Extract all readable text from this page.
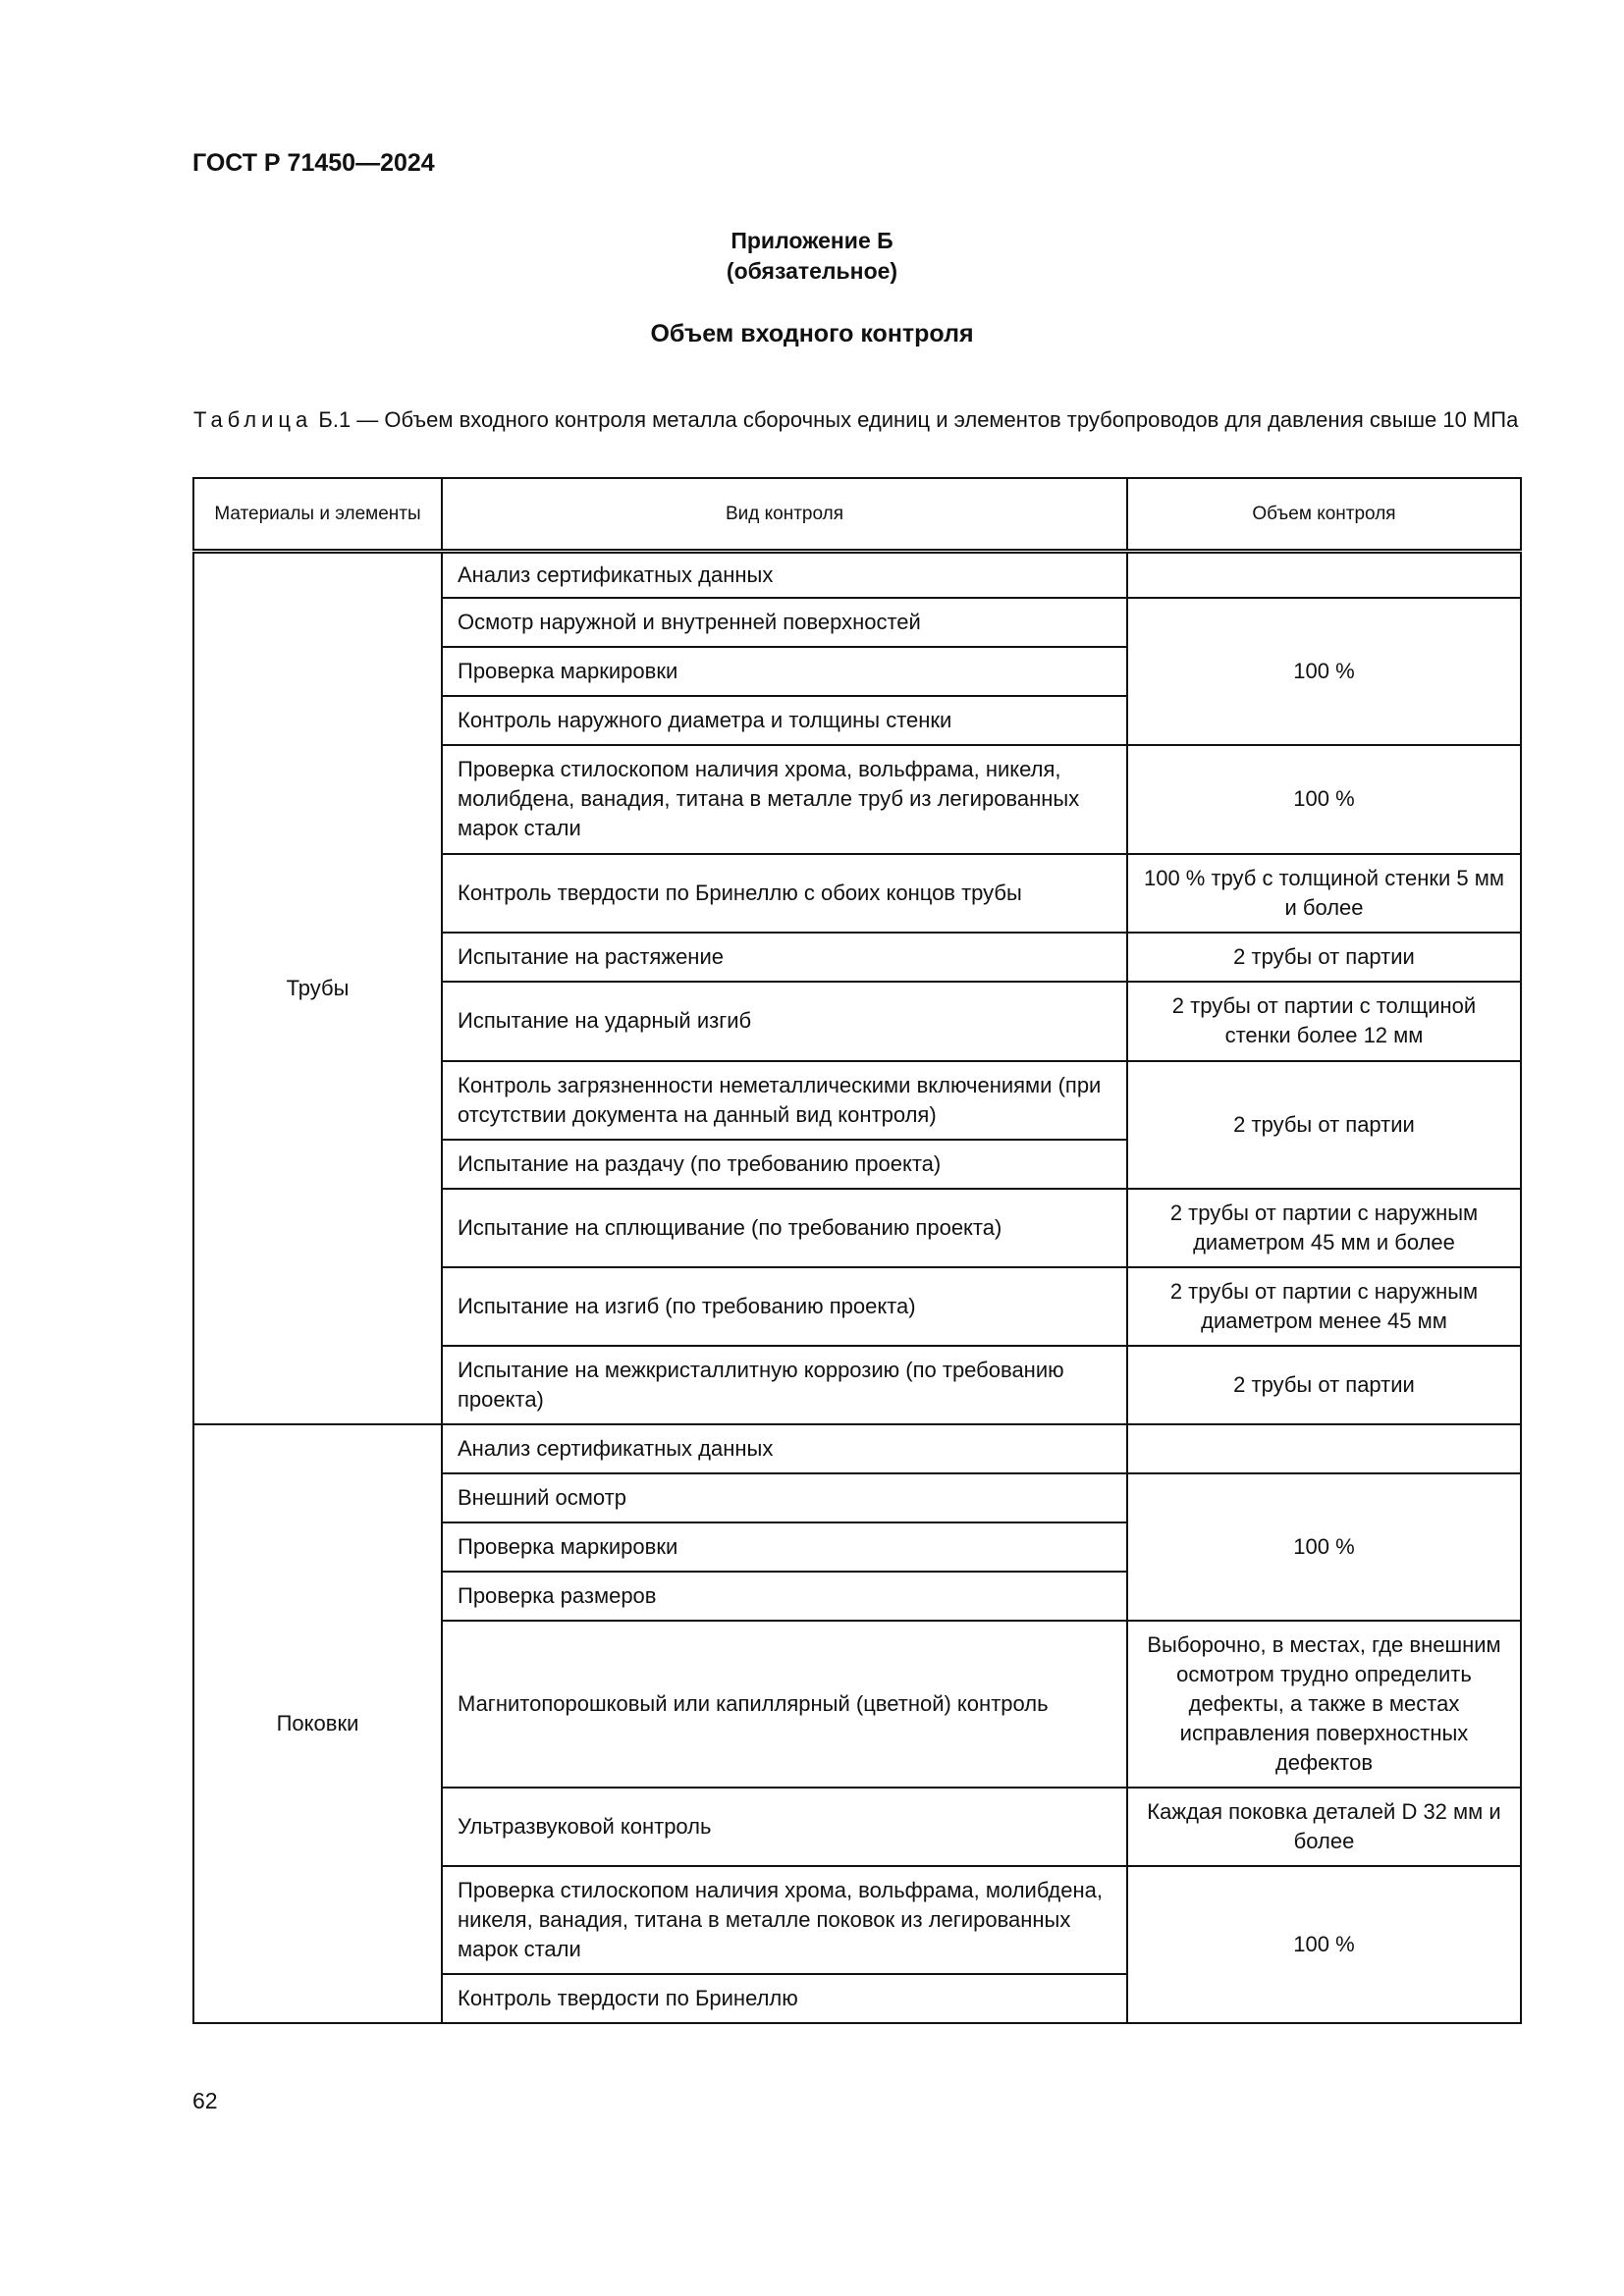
ГОСТ Р 71450—2024
Приложение Б
(обязательное)
Объем входного контроля
Таблица Б.1 — Объем входного контроля металла сборочных единиц и элементов трубопроводов для давления свыше 10 МПа
Материалы и элементы	Вид контроля	Объем контроля
Трубы	Анализ сертификатных данных	
	Осмотр наружной и внутренней поверхностей	100 %
	Проверка маркировки	
	Контроль наружного диаметра и толщины стенки	
	Проверка стилоскопом наличия хрома, вольфрама, никеля, молибдена, ванадия, титана в металле труб из легированных марок стали	100 %
	Контроль твердости по Бринеллю с обоих концов трубы	100 % труб с толщиной стенки 5 мм и более
	Испытание на растяжение	2 трубы от партии
	Испытание на ударный изгиб	2 трубы от партии с толщиной стенки более 12 мм
	Контроль загрязненности неметаллическими включениями (при отсутствии документа на данный вид контроля)	2 трубы от партии
	Испытание на раздачу (по требованию проекта)	
	Испытание на сплющивание (по требованию проекта)	2 трубы от партии с наружным диаметром 45 мм и более
	Испытание на изгиб (по требованию проекта)	2 трубы от партии с наружным диаметром менее 45 мм
	Испытание на межкристаллитную коррозию (по требованию проекта)	2 трубы от партии
Поковки	Анализ сертификатных данных	
	Внешний осмотр	100 %
	Проверка маркировки	
	Проверка размеров	
	Магнитопорошковый или капиллярный (цветной) контроль	Выборочно, в местах, где внешним осмотром трудно определить дефекты, а также в местах исправления поверхностных дефектов
	Ультразвуковой контроль	Каждая поковка деталей D 32 мм и более
	Проверка стилоскопом наличия хрома, вольфрама, молибдена, никеля, ванадия, титана в металле поковок из легированных марок стали	100 %
	Контроль твердости по Бринеллю	
62
